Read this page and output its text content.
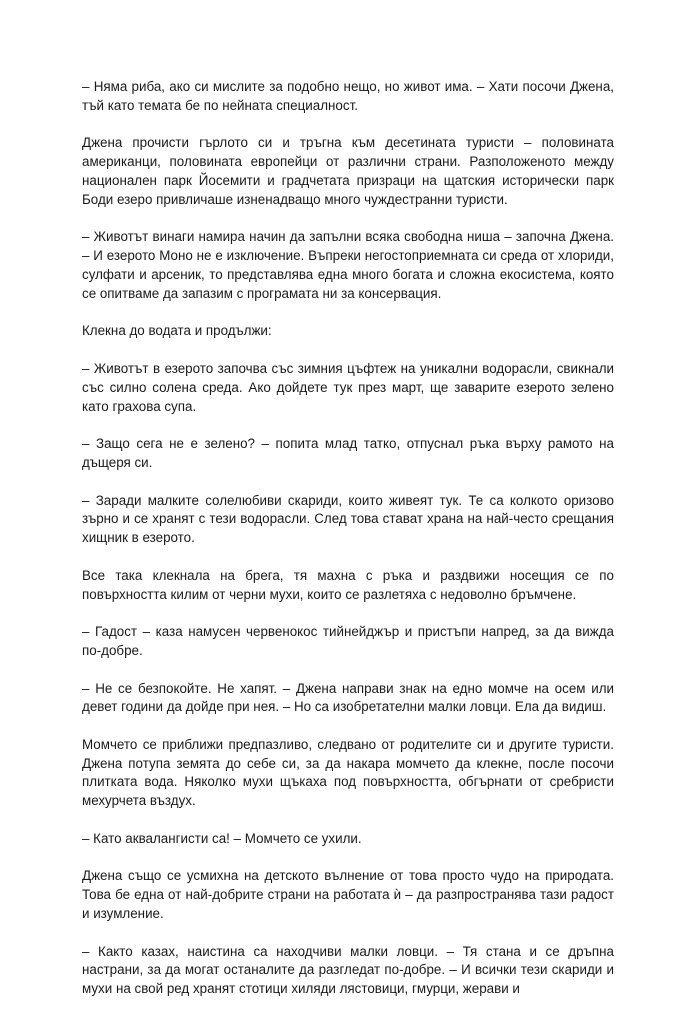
– Няма риба, ако си мислите за подобно нещо, но живот има. – Хати посочи Джена, тъй като темата бе по нейната специалност.

Джена прочисти гърлото си и тръгна към десетината туристи – половината американци, половината европейци от различни страни. Разположеното между национален парк Йосемити и градчетата призраци на щатския исторически парк Боди езеро привличаше изненадващо много чуждестранни туристи.

– Животът винаги намира начин да запълни всяка свободна ниша – започна Джена. – И езерото Моно не е изключение. Въпреки негостоприемната си среда от хлориди, сулфати и арсеник, то представлява една много богата и сложна екосистема, която се опитваме да запазим с програмата ни за консервация.

Клекна до водата и продължи:

– Животът в езерото започва със зимния цъфтеж на уникални водорасли, свикнали със силно солена среда. Ако дойдете тук през март, ще заварите езерото зелено като грахова супа.

– Защо сега не е зелено? – попита млад татко, отпуснал ръка върху рамото на дъщеря си.

– Заради малките солелюбиви скариди, които живеят тук. Те са колкото оризово зърно и се хранят с тези водорасли. След това стават храна на най-често срещания хищник в езерото.

Все така клекнала на брега, тя махна с ръка и раздвижи носещия се по повърхността килим от черни мухи, които се разлетяха с недоволно бръмчене.

– Гадост – каза намусен червенокос тийнейджър и пристъпи напред, за да вижда по-добре.

– Не се безпокойте. Не хапят. – Джена направи знак на едно момче на осем или девет години да дойде при нея. – Но са изобретателни малки ловци. Ела да видиш.

Момчето се приближи предпазливо, следвано от родителите си и другите туристи. Джена потупа земята до себе си, за да накара момчето да клекне, после посочи плитката вода. Няколко мухи щъкаха под повърхността, обгърнати от сребристи мехурчета въздух.

– Като аквалангисти са! – Момчето се ухили.

Джена също се усмихна на детското вълнение от това просто чудо на природата. Това бе една от най-добрите страни на работата ѝ – да разпространява тази радост и изумление.

– Както казах, наистина са находчиви малки ловци. – Тя стана и се дръпна настрани, за да могат останалите да разгледат по-добре. – И всички тези скариди и мухи на свой ред хранят стотици хиляди лястовици, гмурци, жерави и
